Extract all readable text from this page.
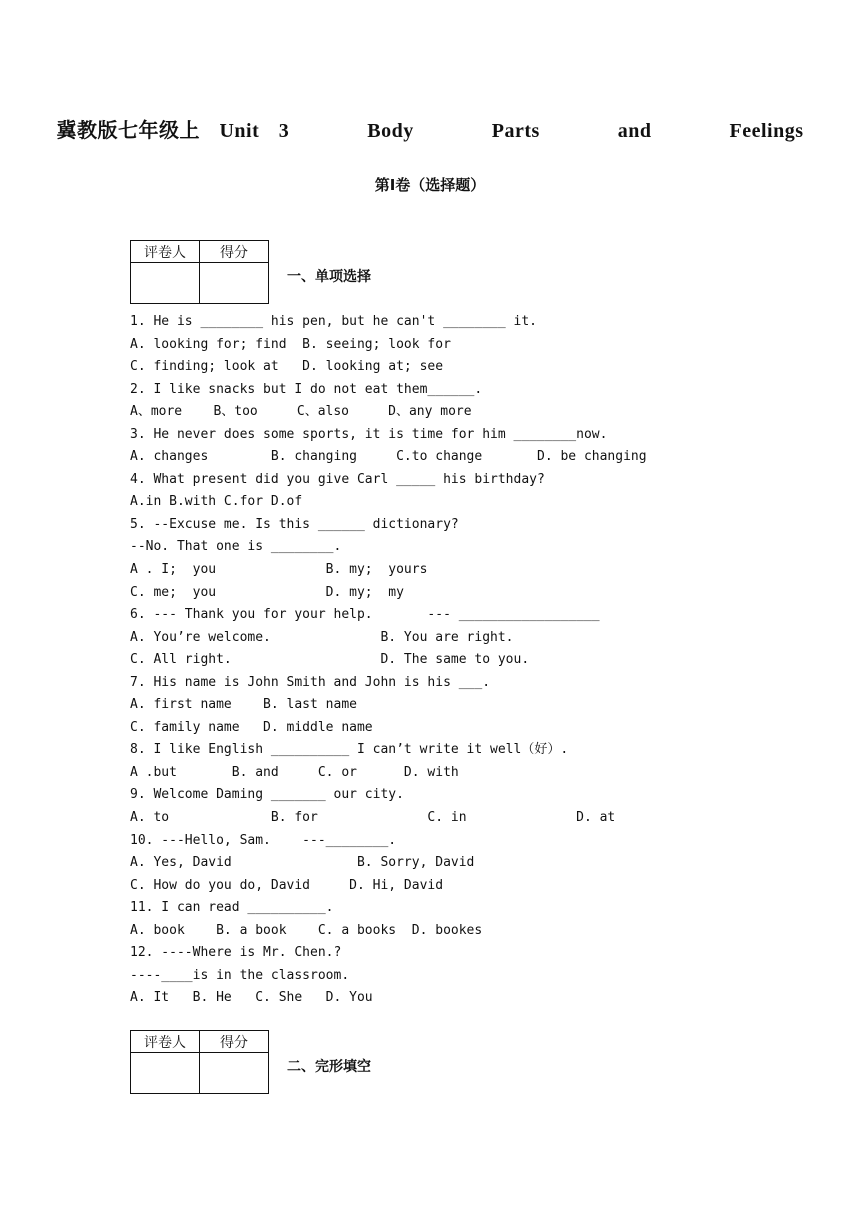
冀教版七年级上 Unit 3    Body    Parts    and    Feelings
第Ⅰ卷（选择题）
评卷人	得分

一、单项选择
1. He is ________ his pen, but he can't ________ it.
A. looking for; find  B. seeing; look for
C. finding; look at   D. looking at; see
2. I like snacks but I do not eat them______.
A、more    B、too     C、also     D、any more
3. He never does some sports, it is time for him ________now.
A. changes        B. changing     C.to change       D. be changing
4. What present did you give Carl _____ his birthday?
A.in B.with C.for D.of
5. --Excuse me. Is this ______ dictionary?
--No. That one is ________.
A . I;  you              B. my;  yours
C. me;  you              D. my;  my
6. --- Thank you for your help.       --- __________________
A. You’re welcome.              B. You are right.
C. All right.                   D. The same to you.
7. His name is John Smith and John is his ___.
A. first name    B. last name
C. family name   D. middle name
8. I like English __________ I can’t write it well（好）.
A .but       B. and     C. or      D. with
9. Welcome Daming _______ our city.
A. to             B. for              C. in              D. at
10. ---Hello, Sam.    ---________.
A. Yes, David                B. Sorry, David
C. How do you do, David     D. Hi, David
11. I can read __________.
A. book    B. a book    C. a books  D. bookes
12. ----Where is Mr. Chen.?
----____is in the classroom.
A. It   B. He   C. She   D. You
评卷人	得分

二、完形填空
